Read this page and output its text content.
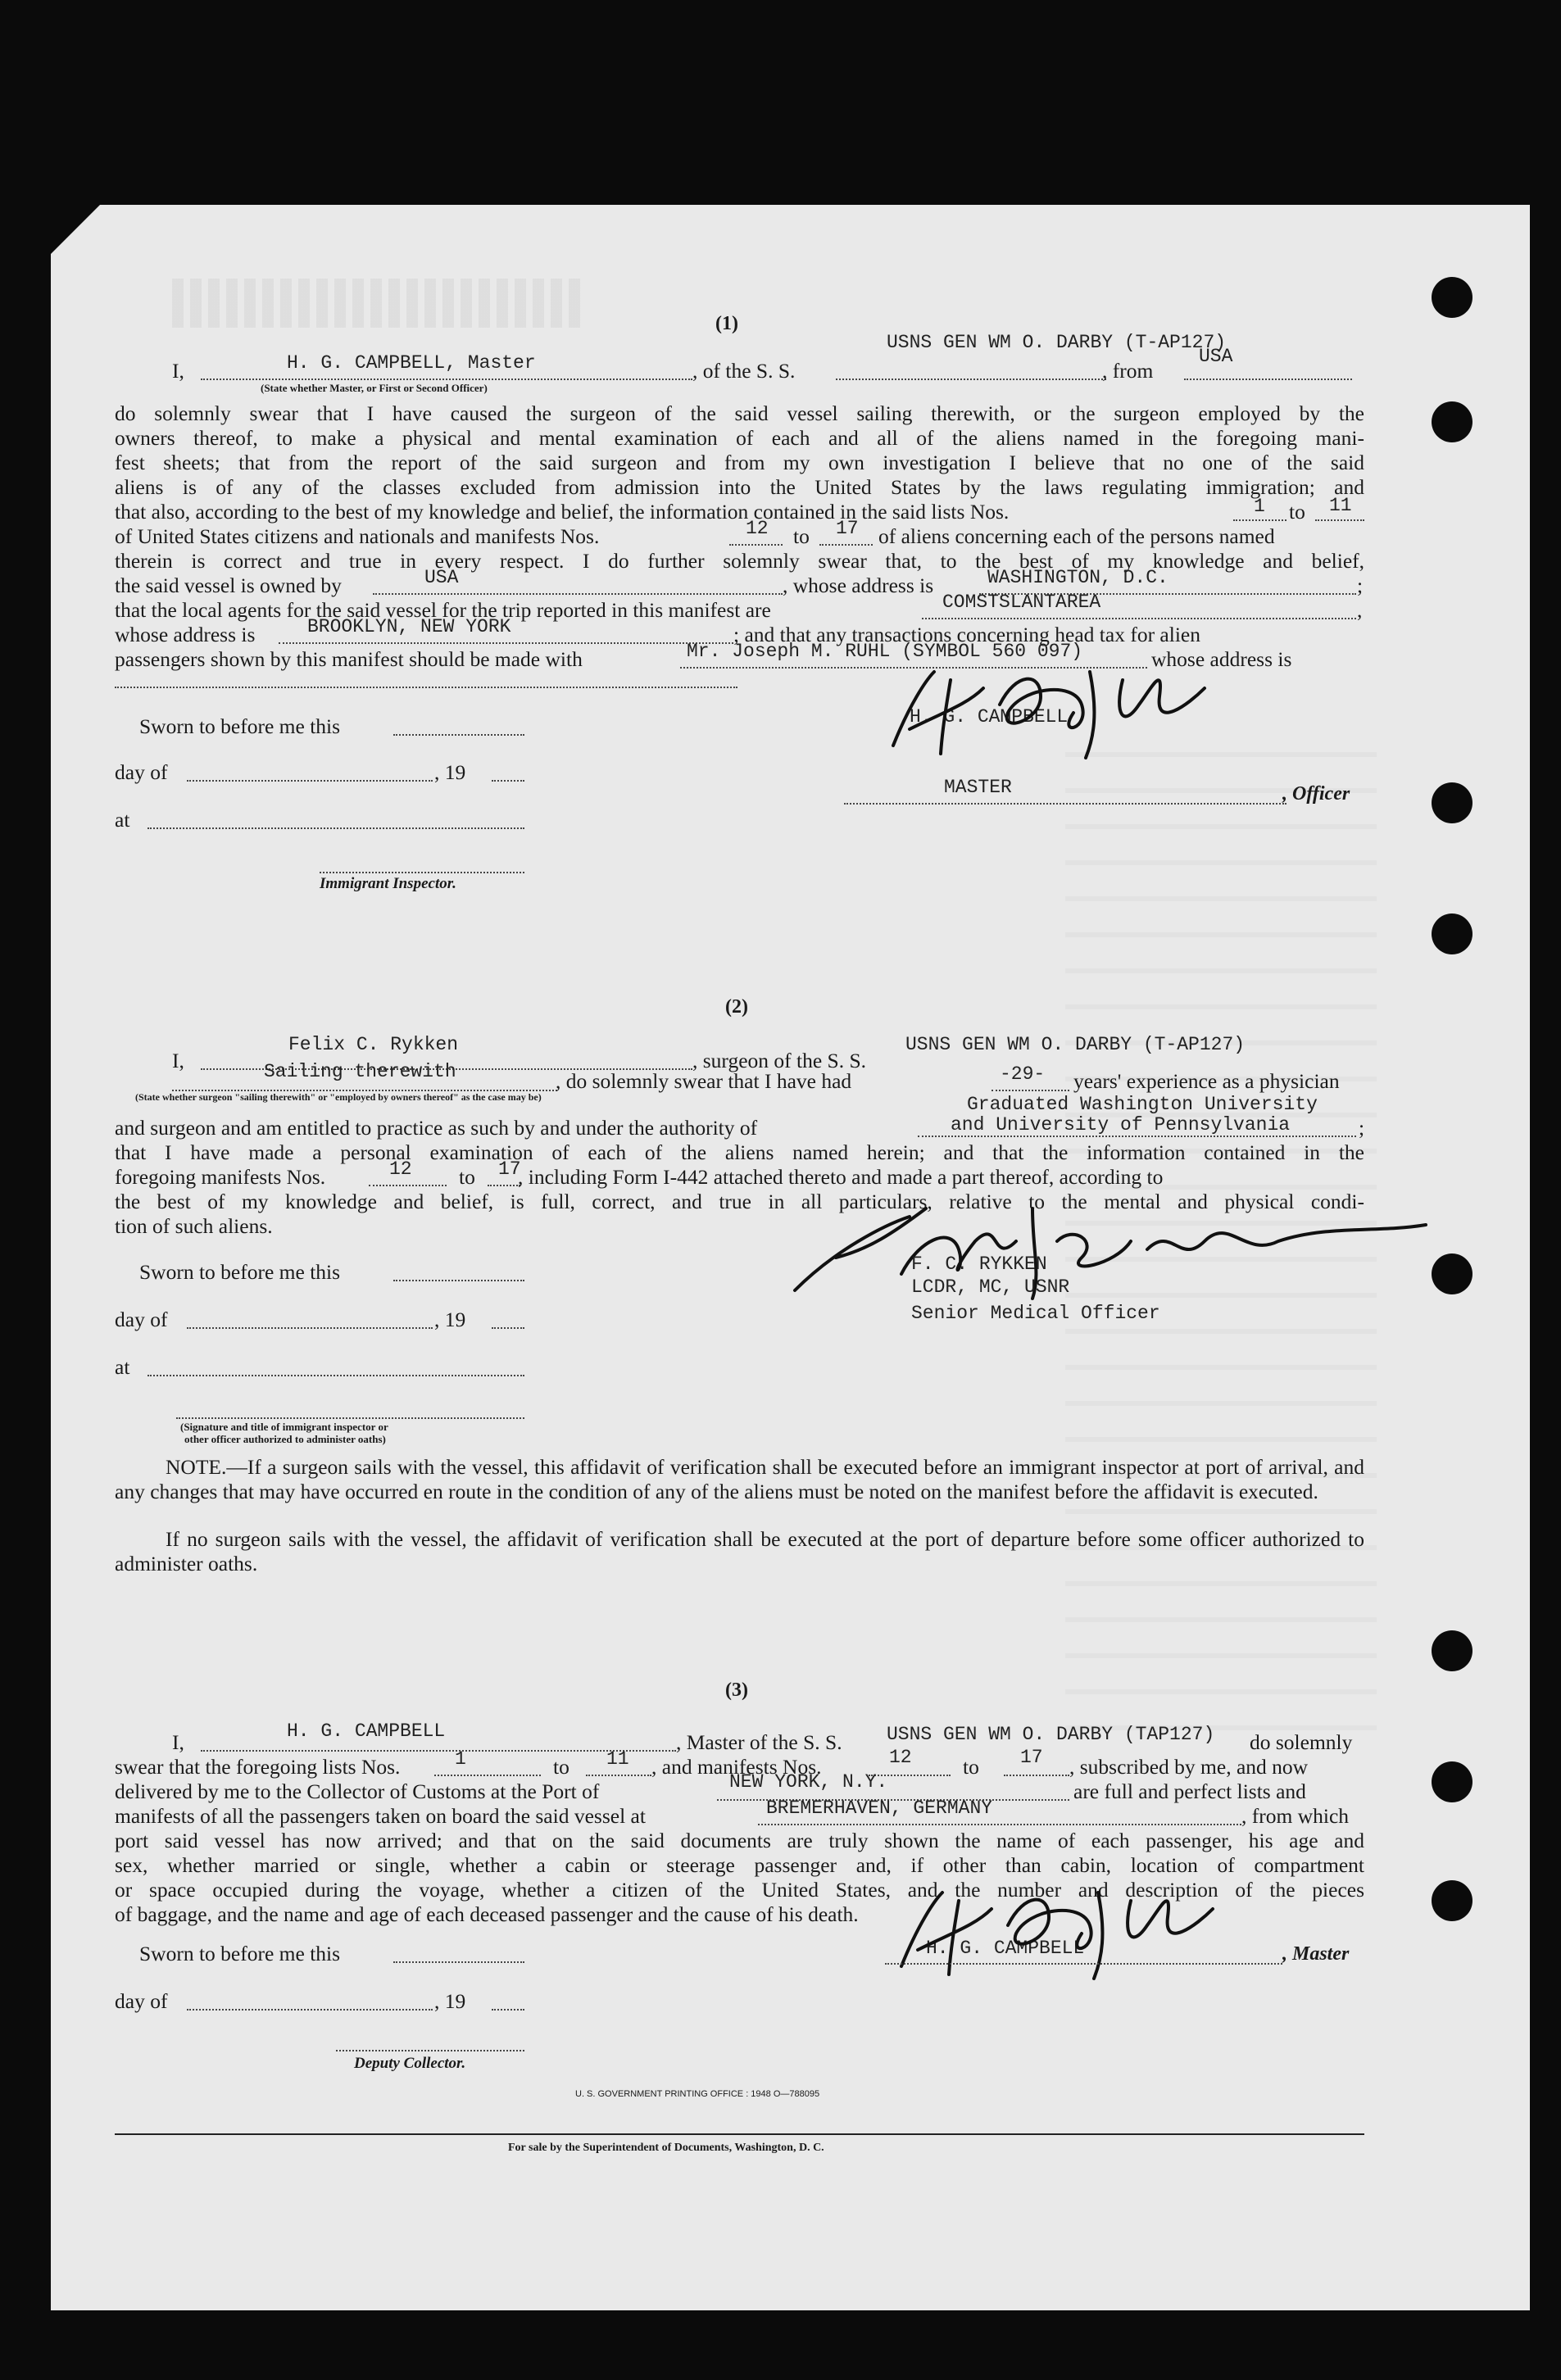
(1)
USNS GEN WM O. DARBY (T-AP127)
USA
I,	H. G. CAMPBELL, Master	, of the S. S.	, from
(State whether Master, or First or Second Officer)
do solemnly swear that I have caused the surgeon of the said vessel sailing therewith, or the surgeon employed by the
owners thereof, to make a physical and mental examination of each and all of the aliens named in the foregoing mani-
fest sheets; that from the report of the said surgeon and from my own investigation I believe that no one of the said
aliens is of any of the classes excluded from admission into the United States by the laws regulating immigration; and
that also, according to the best of my knowledge and belief, the information contained in the said lists Nos.	1 to 11
of United States citizens and nationals and manifests Nos.	12 to 17 of aliens concerning each of the persons named
therein is correct and true in every respect. I do further solemnly swear that, to the best of my knowledge and belief,
the said vessel is owned by	USA	, whose address is	WASHINGTON, D.C.	;
that the local agents for the said vessel for the trip reported in this manifest are	COMSTSLANTAREA	,
whose address is	BROOKLYN, NEW YORK	; and that any transactions concerning head tax for alien
passengers shown by this manifest should be made with	Mr. Joseph M. RUHL (SYMBOL 560 097)	whose address is
Sworn to before me this
day of	, 19
at
Immigrant Inspector.
H. G. CAMPBELL
MASTER	, Officer
(2)
I,
Felix C. Rykken
, surgeon of the S. S.
USNS GEN WM O. DARBY (T-AP127)
Sailing therewith	, do solemnly swear that I have had	-29- years' experience as a physician
(State whether surgeon "sailing therewith" or "employed by owners thereof" as the case may be)	Graduated Washington University
and surgeon and am entitled to practice as such by and under the authority of	and University of Pennsylvania	;
that I have made a personal examination of each of the aliens named herein; and that the information contained in the
foregoing manifests Nos.	12 to 17
, including Form I-442 attached thereto and made a part thereof, according to
the best of my knowledge and belief, is full, correct, and true in all particulars, relative to the mental and physical condi-
tion of such aliens.
Sworn to before me this
day of	, 19
at
(Signature and title of immigrant inspector or
other officer authorized to administer oaths)
F. C. RYKKEN
LCDR, MC, USNR
Senior Medical Officer
NOTE.—If a surgeon sails with the vessel, this affidavit of verification shall be executed before an immigrant inspector at port of arrival, and any changes that may have occurred en route in the condition of any of the aliens must be noted on the manifest before the affidavit is executed.
If no surgeon sails with the vessel, the affidavit of verification shall be executed at the port of departure before some officer authorized to administer oaths.
(3)
I,	H. G. CAMPBELL	, Master of the S. S. USNS GEN WM O. DARBY (TAP127) do solemnly
swear that the foregoing lists Nos.	1	to 11 , and manifests Nos.	12 to 17 , subscribed by me, and now
delivered by me to the Collector of Customs at the Port of	NEW YORK, N.Y.	are full and perfect lists and
manifests of all the passengers taken on board the said vessel at	BREMERHAVEN, GERMANY	, from which
port said vessel has now arrived; and that on the said documents are truly shown the name of each passenger, his age and
sex, whether married or single, whether a cabin or steerage passenger and, if other than cabin, location of compartment
or space occupied during the voyage, whether a citizen of the United States, and the number and description of the pieces
of baggage, and the name and age of each deceased passenger and the cause of his death.
Sworn to before me this
day of	, 19
Deputy Collector.
H. G. CAMPBELL	, Master
U. S. GOVERNMENT PRINTING OFFICE : 1948 O—788095
For sale by the Superintendent of Documents, Washington, D. C.
